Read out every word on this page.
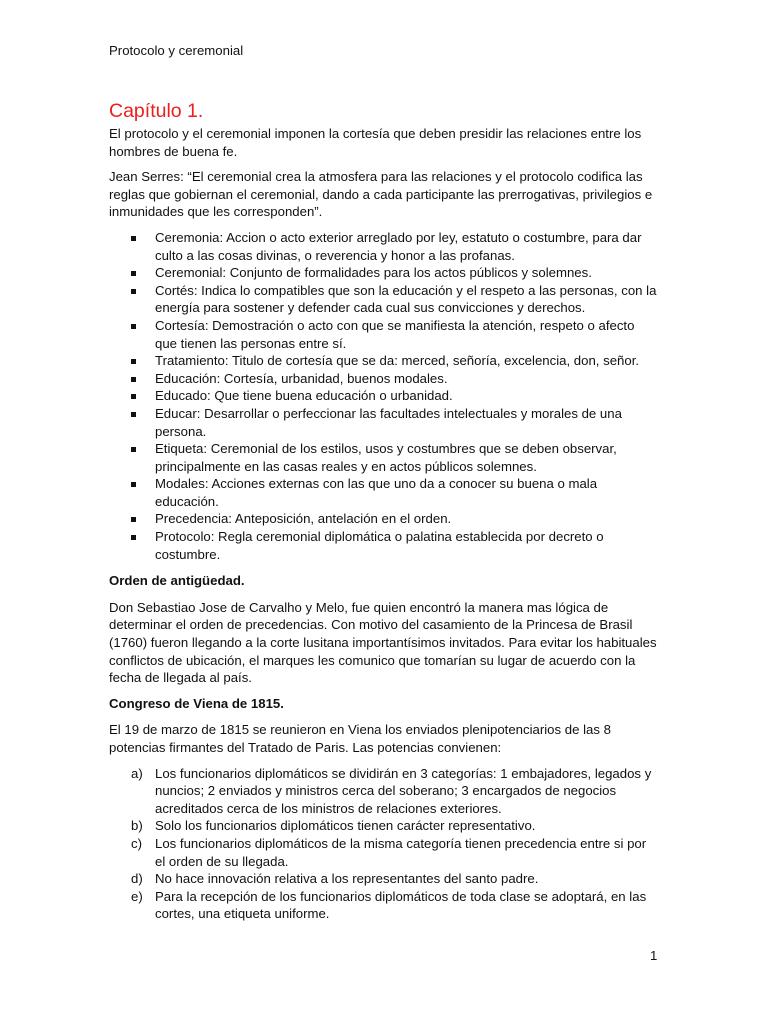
Protocolo y ceremonial
Capítulo 1.

El protocolo y el ceremonial imponen la cortesía que deben presidir las relaciones entre los hombres de buena fe.

Jean Serres: “El ceremonial crea la atmosfera para las relaciones y el protocolo codifica las reglas que gobiernan el ceremonial, dando a cada participante las prerrogativas, privilegios e inmunidades que les corresponden”.

Ceremonia: Accion o acto exterior arreglado por ley, estatuto o costumbre, para dar culto a las cosas divinas, o reverencia y honor a las profanas.
Ceremonial: Conjunto de formalidades para los actos públicos y solemnes.
Cortés: Indica lo compatibles que son la educación y el respeto a las personas, con la energía para sostener y defender cada cual sus convicciones y derechos.
Cortesía: Demostración o acto con que se manifiesta la atención, respeto o afecto que tienen las personas entre sí.
Tratamiento: Titulo de cortesía que se da: merced, señoría, excelencia, don, señor.
Educación: Cortesía, urbanidad, buenos modales.
Educado: Que tiene buena educación o urbanidad.
Educar: Desarrollar o perfeccionar las facultades intelectuales y morales de una persona.
Etiqueta: Ceremonial de los estilos, usos y costumbres que se deben observar, principalmente en las casas reales y en actos públicos solemnes.
Modales: Acciones externas con las que uno da a conocer su buena o mala educación.
Precedencia: Anteposición, antelación en el orden.
Protocolo: Regla ceremonial diplomática o palatina establecida por decreto o costumbre.

Orden de antigüedad.

Don Sebastiao Jose de Carvalho y Melo, fue quien encontró la manera mas lógica de determinar el orden de precedencias. Con motivo del casamiento de la Princesa de Brasil (1760) fueron llegando a la corte lusitana importantísimos invitados. Para evitar los habituales conflictos de ubicación, el marques les comunico que tomarían su lugar de acuerdo con la fecha de llegada al país.

Congreso de Viena de 1815.

El 19 de marzo de 1815 se reunieron en Viena los enviados plenipotenciarios de las 8 potencias firmantes del Tratado de Paris. Las potencias convienen:

a) Los funcionarios diplomáticos se dividirán en 3 categorías: 1 embajadores, legados y nuncios; 2 enviados y ministros cerca del soberano; 3 encargados de negocios acreditados cerca de los ministros de relaciones exteriores.
b) Solo los funcionarios diplomáticos tienen carácter representativo.
c) Los funcionarios diplomáticos de la misma categoría tienen precedencia entre si por el orden de su llegada.
d) No hace innovación relativa a los representantes del santo padre.
e) Para la recepción de los funcionarios diplomáticos de toda clase se adoptará, en las cortes, una etiqueta uniforme.
1
